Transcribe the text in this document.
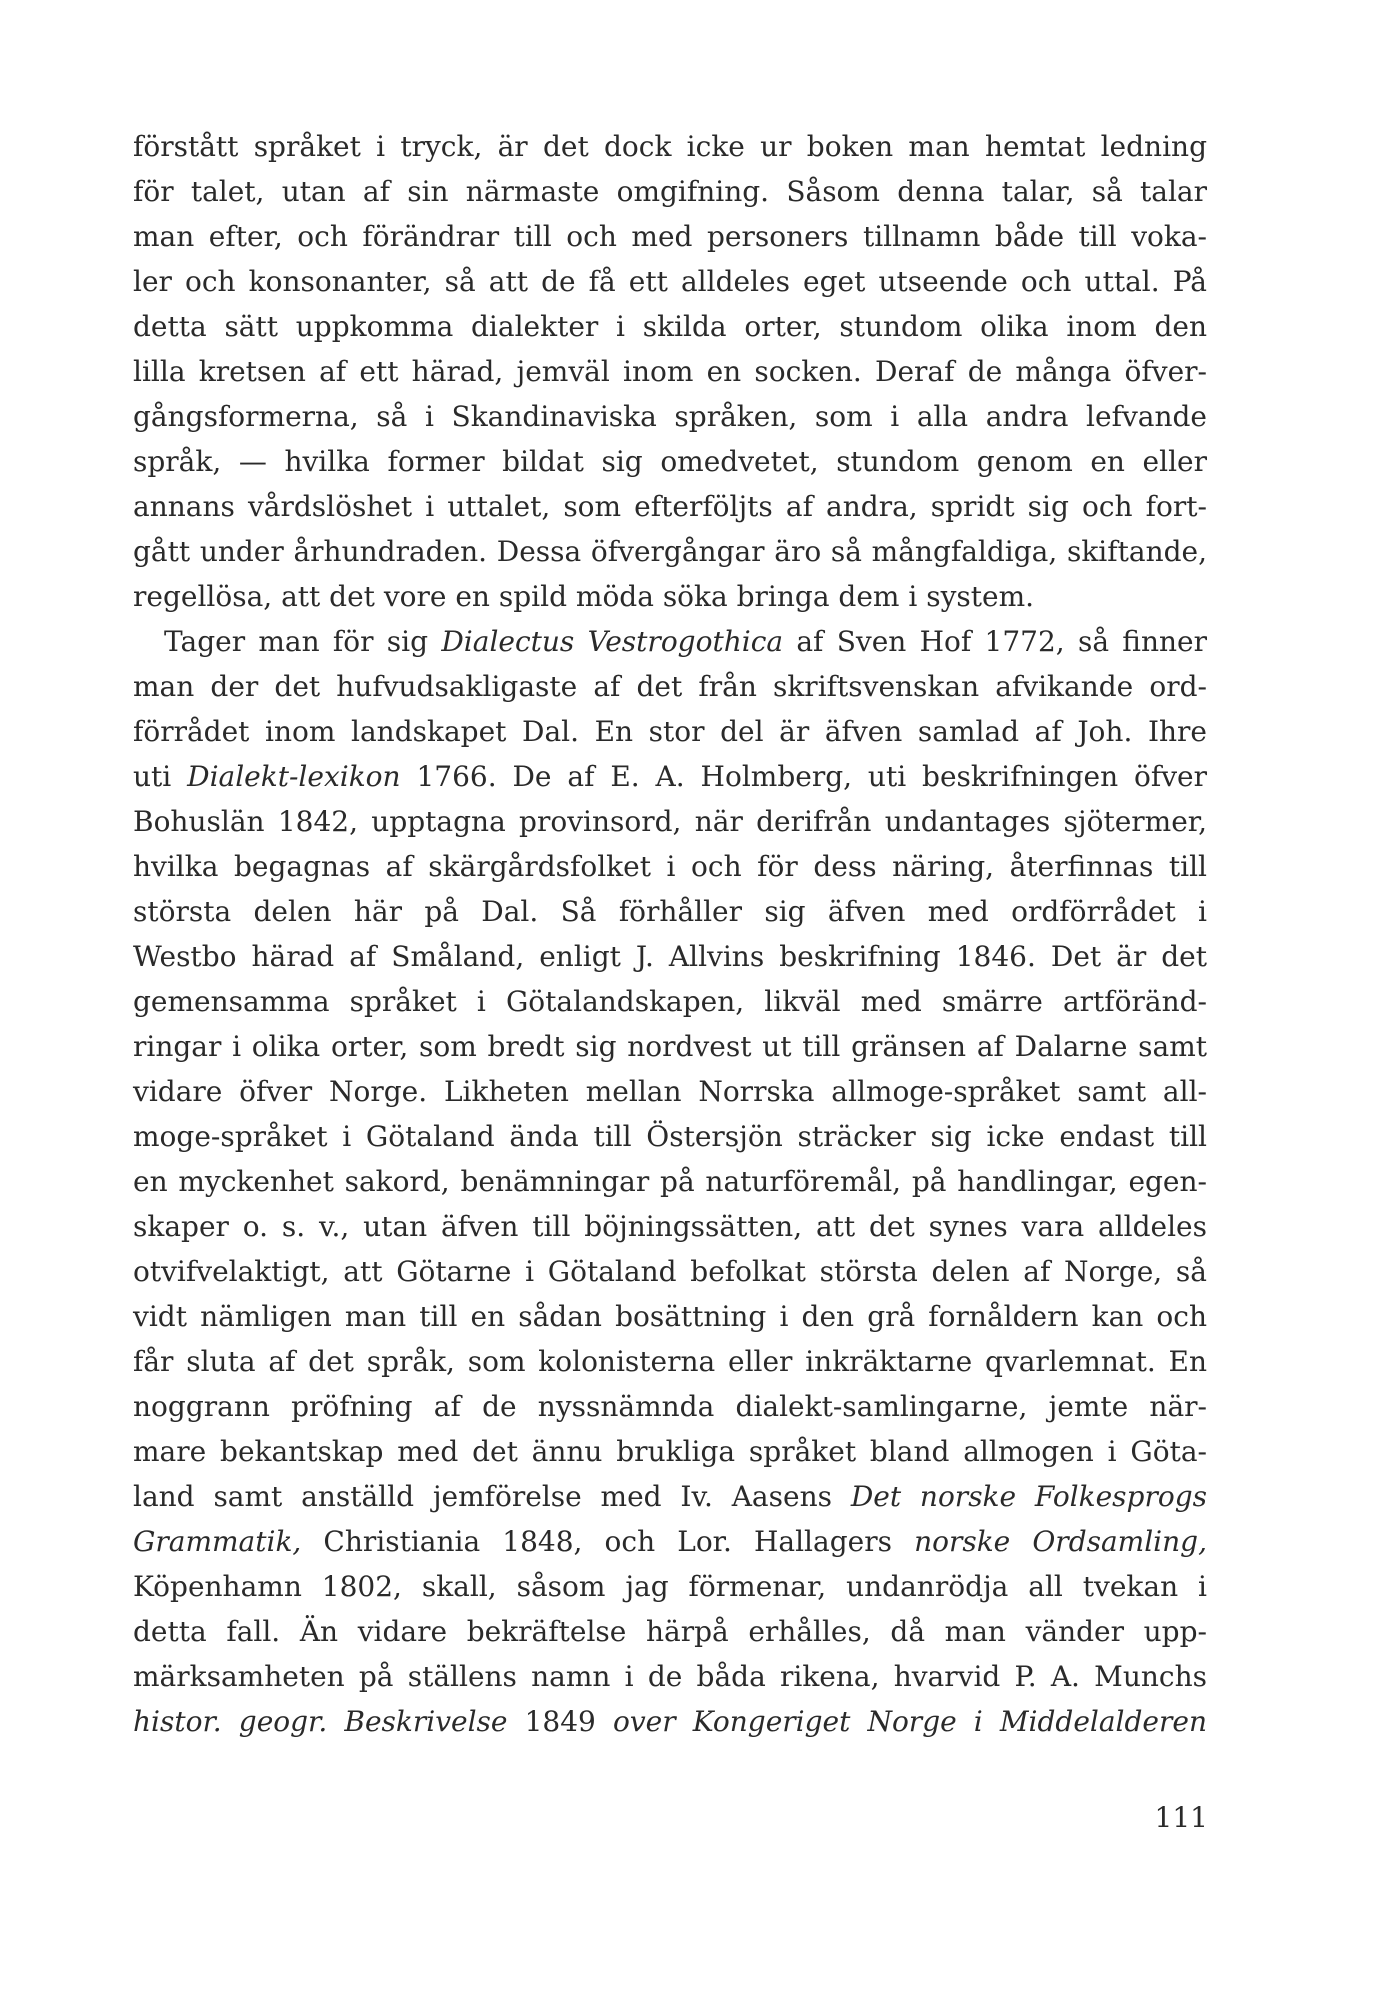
förstått språket i tryck, är det dock icke ur boken man hemtat ledning
för talet, utan af sin närmaste omgifning. Såsom denna talar, så talar
man efter, och förändrar till och med personers tillnamn både till voka-
ler och konsonanter, så att de få ett alldeles eget utseende och uttal. På
detta sätt uppkomma dialekter i skilda orter, stundom olika inom den
lilla kretsen af ett härad, jemväl inom en socken. Deraf de många öfver-
gångsformerna, så i Skandinaviska språken, som i alla andra lefvande
språk, — hvilka former bildat sig omedvetet, stundom genom en eller
annans vårdslöshet i uttalet, som efterföljts af andra, spridt sig och fort-
gått under århundraden. Dessa öfvergångar äro så mångfaldiga, skiftande,
regellösa, att det vore en spild möda söka bringa dem i system.
Tager man för sig Dialectus Vestrogothica af Sven Hof 1772, så finner
man der det hufvudsakligaste af det från skriftsvenskan afvikande ord-
förrådet inom landskapet Dal. En stor del är äfven samlad af Joh. Ihre
uti Dialekt-lexikon 1766. De af E. A. Holmberg, uti beskrifningen öfver
Bohuslän 1842, upptagna provinsord, när derifrån undantages sjötermer,
hvilka begagnas af skärgårdsfolket i och för dess näring, återfinnas till
största delen här på Dal. Så förhåller sig äfven med ordförrådet i
Westbo härad af Småland, enligt J. Allvins beskrifning 1846. Det är det
gemensamma språket i Götalandskapen, likväl med smärre artföränd-
ringar i olika orter, som bredt sig nordvest ut till gränsen af Dalarne samt
vidare öfver Norge. Likheten mellan Norrska allmoge-språket samt all-
moge-språket i Götaland ända till Östersjön sträcker sig icke endast till
en myckenhet sakord, benämningar på naturföremål, på handlingar, egen-
skaper o. s. v., utan äfven till böjningssätten, att det synes vara alldeles
otvifvelaktigt, att Götarne i Götaland befolkat största delen af Norge, så
vidt nämligen man till en sådan bosättning i den grå fornåldern kan och
får sluta af det språk, som kolonisterna eller inkräktarne qvarlemnat. En
noggrann pröfning af de nyssnämnda dialekt-samlingarne, jemte när-
mare bekantskap med det ännu brukliga språket bland allmogen i Göta-
land samt anställd jemförelse med Iv. Aasens Det norske Folkesprogs
Grammatik, Christiania 1848, och Lor. Hallagers norske Ordsamling,
Köpenhamn 1802, skall, såsom jag förmenar, undanrödja all tvekan i
detta fall. Än vidare bekräftelse härpå erhålles, då man vänder upp-
märksamheten på ställens namn i de båda rikena, hvarvid P. A. Munchs
histor. geogr. Beskrivelse 1849 over Kongeriget Norge i Middelalderen
111
